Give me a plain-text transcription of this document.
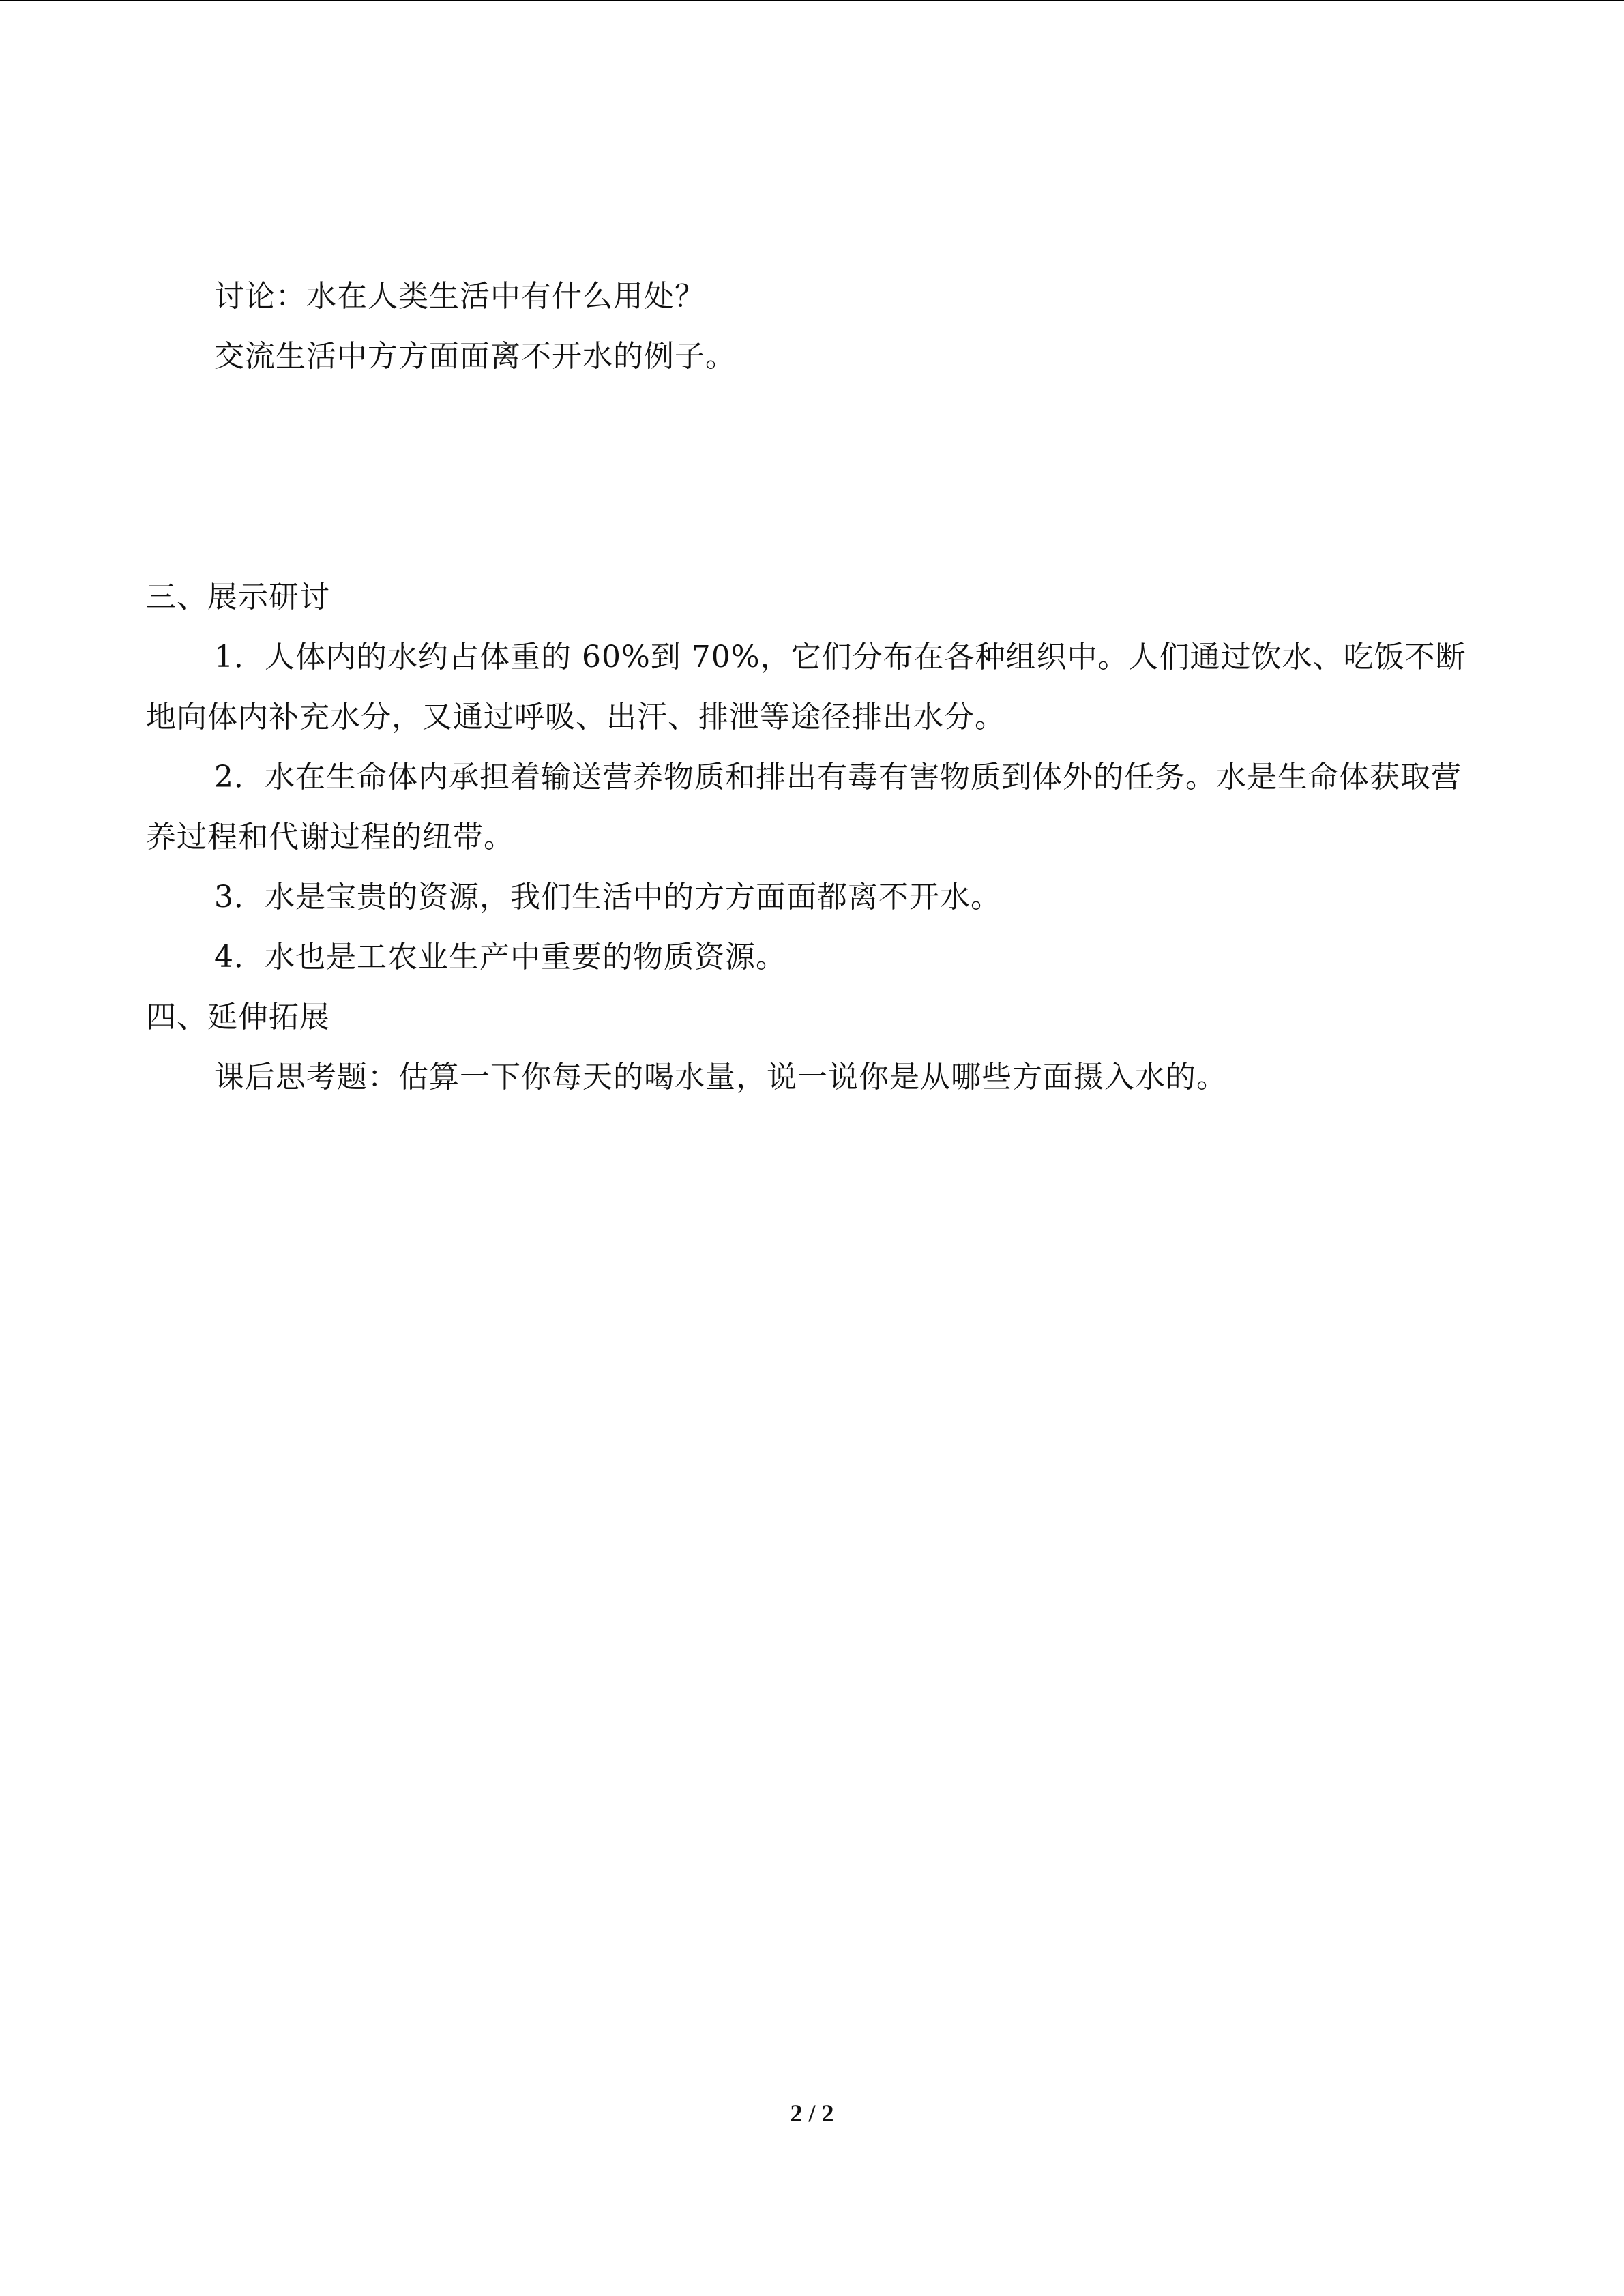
讨论：水在人类生活中有什么用处？
交流生活中方方面面离不开水的例子。
三、展示研讨
1．人体内的水约占体重的 60%到 70%，它们分布在各种组织中。人们通过饮水、吃饭不断地向体内补充水分，又通过呼吸、出汗、排泄等途径排出水分。
2．水在生命体内承担着输送营养物质和排出有毒有害物质到体外的任务。水是生命体获取营养过程和代谢过程的纽带。
3．水是宝贵的资源，我们生活中的方方面面都离不开水。
4．水也是工农业生产中重要的物质资源。
四、延伸拓展
课后思考题：估算一下你每天的喝水量，说一说你是从哪些方面摄入水的。
2 / 2
